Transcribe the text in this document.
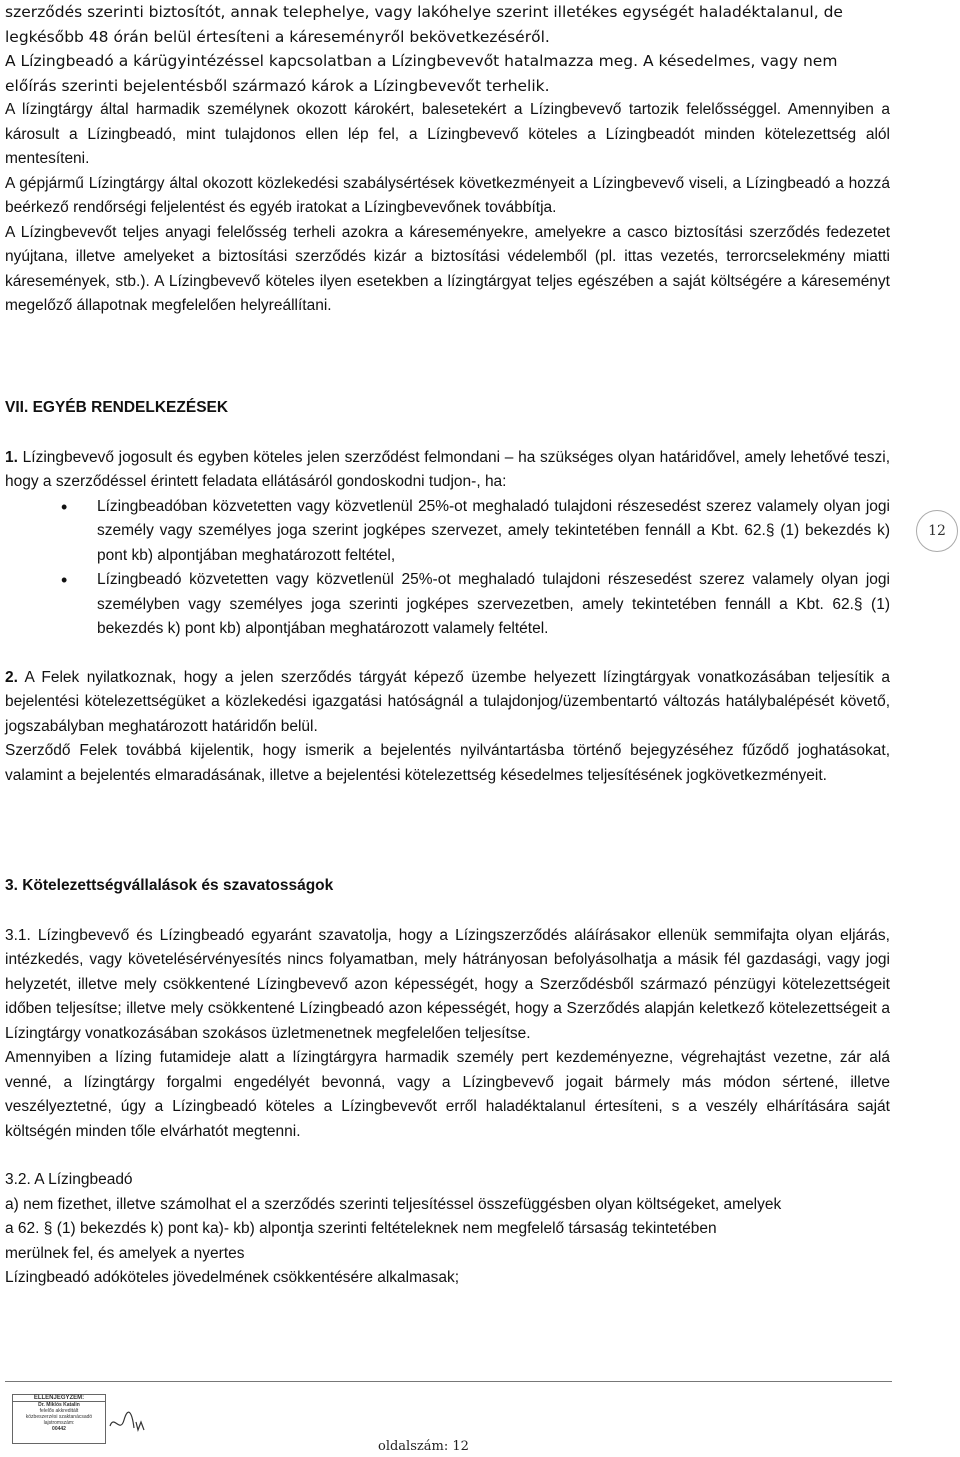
szerződés szerinti biztosítót, annak telephelye, vagy lakóhelye szerint illetékes egységét haladéktalanul, de
legkésőbb 48 órán belül értesíteni a káreseményről bekövetkezéséről.
A Lízingbeadó a kárügyintézéssel kapcsolatban a Lízingbevevőt hatalmazza meg. A késedelmes, vagy nem
előírás szerinti bejelentésből származó károk a Lízingbevevőt terhelik.

A lízingtárgy által harmadik személynek okozott károkért, balesetekért a Lízingbevevő tartozik felelősséggel. Amennyiben a károsult a Lízingbeadó, mint tulajdonos ellen lép fel, a Lízingbevevő köteles a Lízingbeadót minden kötelezettség alól mentesíteni.

A gépjármű Lízingtárgy által okozott közlekedési szabálysértések következményeit a Lízingbevevő viseli, a Lízingbeadó a hozzá beérkező rendőrségi feljelentést és egyéb iratokat a Lízingbevevőnek továbbítja.

A Lízingbevevőt teljes anyagi felelősség terheli azokra a káreseményekre, amelyekre a casco biztosítási szerződés fedezetet nyújtana, illetve amelyeket a biztosítási szerződés kizár a biztosítási védelemből (pl. ittas vezetés, terrorcselekmény miatti káresemények, stb.). A Lízingbevevő köteles ilyen esetekben a lízingtárgyat teljes egészében a saját költségére a káreseményt megelőző állapotnak megfelelően helyreállítani.

12
VII. EGYÉB RENDELKEZÉSEK

1. Lízingbevevő jogosult és egyben köteles jelen szerződést felmondani – ha szükséges olyan határidővel, amely lehetővé teszi, hogy a szerződéssel érintett feladata ellátásáról gondoskodni tudjon-, ha:

• Lízingbeadóban közvetetten vagy közvetlenül 25%-ot meghaladó tulajdoni részesedést szerez valamely olyan jogi személy vagy személyes joga szerint jogképes szervezet, amely tekintetében fennáll a Kbt. 62.§ (1) bekezdés k) pont kb) alpontjában meghatározott feltétel,
• Lízingbeadó közvetetten vagy közvetlenül 25%-ot meghaladó tulajdoni részesedést szerez valamely olyan jogi személyben vagy személyes joga szerinti jogképes szervezetben, amely tekintetében fennáll a Kbt. 62.§ (1) bekezdés k) pont kb) alpontjában meghatározott valamely feltétel.

2. A Felek nyilatkoznak, hogy a jelen szerződés tárgyát képező üzembe helyezett lízingtárgyak vonatkozásában teljesítik a bejelentési kötelezettségüket a közlekedési igazgatási hatóságnál a tulajdonjog/üzembentartó változás hatálybalépését követő, jogszabályban meghatározott határidőn belül.

Szerződő Felek továbbá kijelentik, hogy ismerik a bejelentés nyilvántartásba történő bejegyzéséhez fűződő joghatásokat, valamint a bejelentés elmaradásának, illetve a bejelentési kötelezettség késedelmes teljesítésének jogkövetkezményeit.

3. Kötelezettségvállalások és szavatosságok

3.1. Lízingbevevő és Lízingbeadó egyaránt szavatolja, hogy a Lízingszerződés aláírásakor ellenük semmifajta olyan eljárás, intézkedés, vagy követelésérvényesítés nincs folyamatban, mely hátrányosan befolyásolhatja a másik fél gazdasági, vagy jogi helyzetét, illetve mely csökkentené Lízingbevevő azon képességét, hogy a Szerződésből származó pénzügyi kötelezettségeit időben teljesítse; illetve mely csökkentené Lízingbeadó azon képességét, hogy a Szerződés alapján keletkező kötelezettségeit a Lízingtárgy vonatkozásában szokásos üzletmenetnek megfelelően teljesítse.

Amennyiben a lízing futamideje alatt a lízingtárgyra harmadik személy pert kezdeményezne, végrehajtást vezetne, zár alá venné, a lízingtárgy forgalmi engedélyét bevonná, vagy a Lízingbevevő jogait bármely más módon sértené, illetve veszélyeztetné, úgy a Lízingbeadó köteles a Lízingbevevőt erről haladéktalanul értesíteni, s a veszély elhárítására saját költségén minden tőle elvárhatót megtenni.

3.2. A Lízingbeadó
a) nem fizethet, illetve számolhat el a szerződés szerinti teljesítéssel összefüggésben olyan költségeket, amelyek
a 62. § (1) bekezdés k) pont ka)- kb) alpontja szerinti feltételeknek nem megfelelő társaság tekintetében
merülnek fel, és amelyek a nyertes
Lízingbeadó adóköteles jövedelmének csökkentésére alkalmasak;
ELLENJEGYZEM:
Dr. Miklós Katalin
felelős akkreditált
közbeszerzési szaktanácsadó
lajstromszám:
00442
oldalszám: 12
